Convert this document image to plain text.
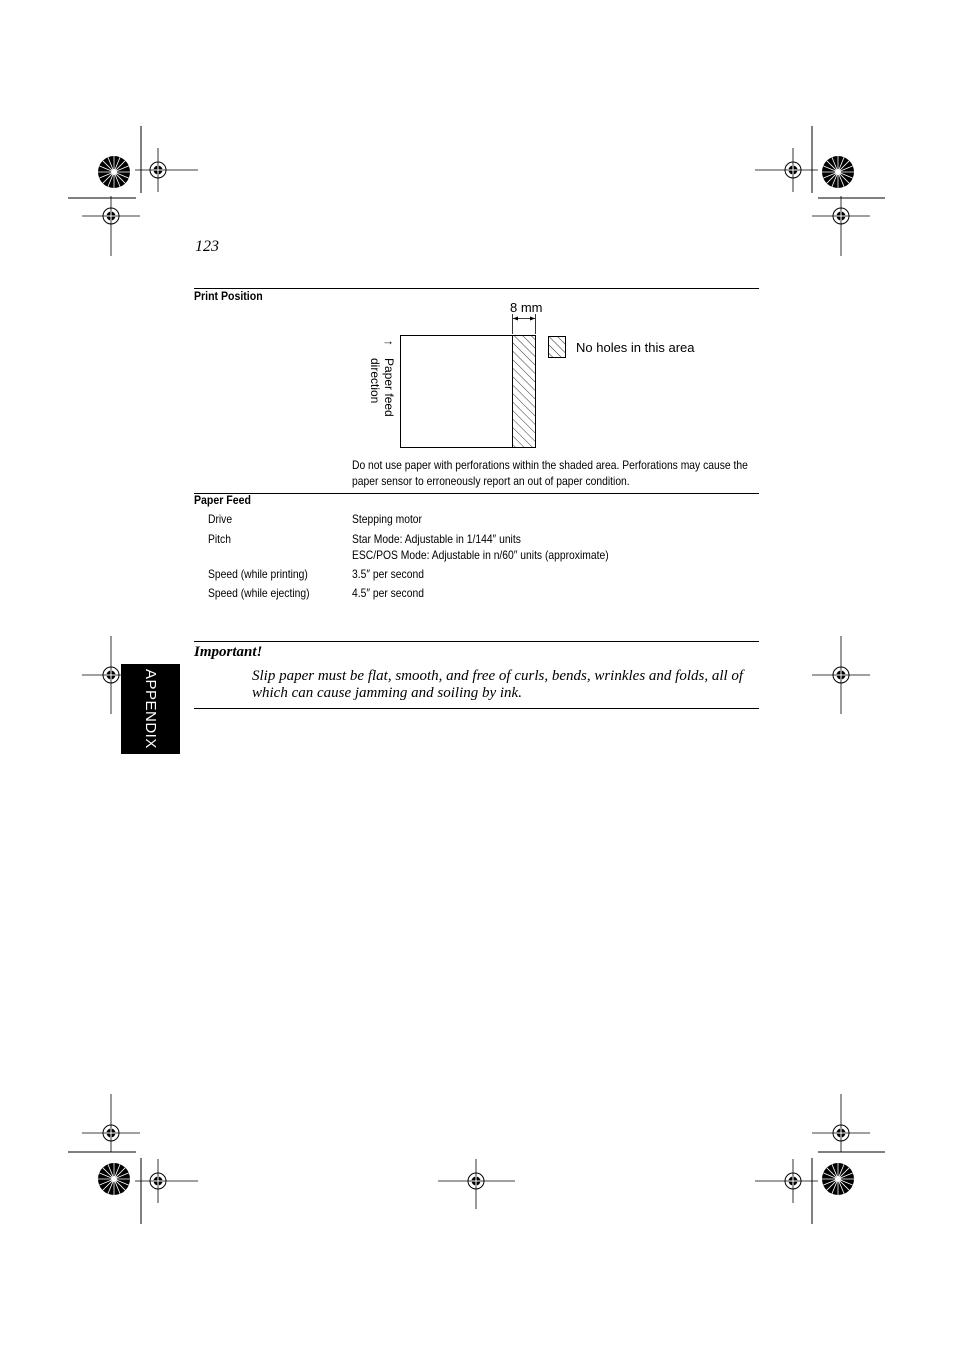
123
Print Position
8 mm
No holes in this area
↑
Paper feed
direction
Do not use paper with perforations within the shaded area. Perforations may cause the
paper sensor to erroneously report an out of paper condition.
Paper Feed
Drive	Stepping motor
Pitch	Star Mode: Adjustable in 1/144″ units
ESC/POS Mode: Adjustable in n/60″ units (approximate)
Speed (while printing)	3.5″ per second
Speed (while ejecting)	4.5″ per second
Important!
Slip paper must be flat, smooth, and free of curls, bends, wrinkles and folds, all of which can cause jamming and soiling by ink.
APPENDIX
